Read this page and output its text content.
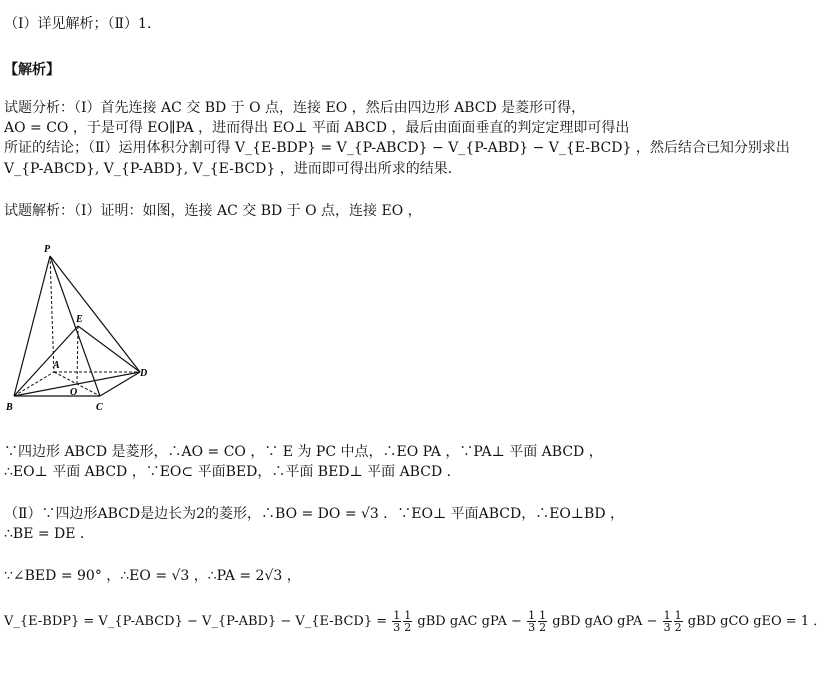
（Ⅰ）详见解析；（Ⅱ）1．
【解析】
试题分析：（Ⅰ）首先连接 AC 交 BD 于 O 点，连接 EO ，然后由四边形 ABCD 是菱形可得，
AO = CO ，于是可得 EO∥PA ，进而得出 EO⊥ 平面 ABCD ，最后由面面垂直的判定定理即可得出
所证的结论；（Ⅱ）运用体积分割可得 V_{E-BDP} = V_{P-ABCD} − V_{P-ABD} − V_{E-BCD} ，然后结合已知分别求出
V_{P-ABCD}, V_{P-ABD}, V_{E-BCD} ，进而即可得出所求的结果．
试题解析：（Ⅰ）证明：如图，连接 AC 交 BD 于 O 点，连接 EO ，
P
E
A
D
O
B	C
∵四边形 ABCD 是菱形，∴AO = CO ，∵ E 为 PC 中点，∴EO PA ，∵PA⊥ 平面 ABCD ，
∴EO⊥ 平面 ABCD ，∵EO⊂ 平面BED，∴平面 BED⊥ 平面 ABCD ．
（Ⅱ）∵四边形ABCD是边长为2的菱形，∴BO = DO = √3 ．∵EO⊥ 平面ABCD，∴EO⊥BD ，
∴BE = DE ．
∵∠BED = 90° ，∴EO = √3 ，∴PA = 2√3 ，
V_{E-BDP} = V_{P-ABCD} − V_{P-ABD} − V_{E-BCD} = $\frac{1}{3} \frac{1}{2}$ gBD gAC gPA − $\frac{1}{3} \frac{1}{2}$ gBD gAO gPA − $\frac{1}{3} \frac{1}{2}$ gBD gCO gEO = 1 ．
